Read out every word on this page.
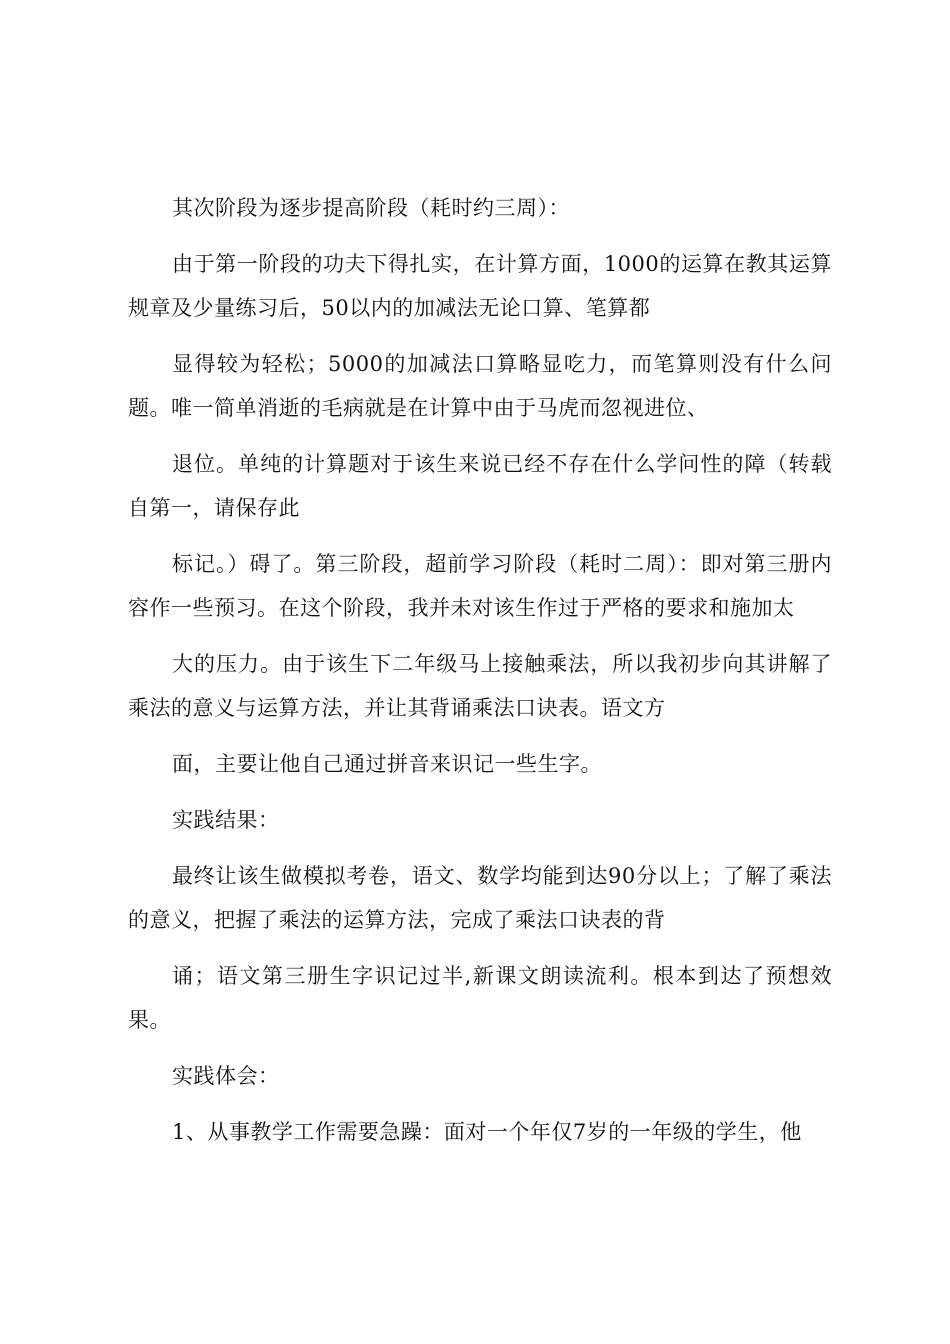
其次阶段为逐步提高阶段（耗时约三周）：

由于第一阶段的功夫下得扎实，在计算方面，1000的运算在教其运算规章及少量练习后，50以内的加减法无论口算、笔算都

显得较为轻松；5000的加减法口算略显吃力，而笔算则没有什么问题。唯一简单消逝的毛病就是在计算中由于马虎而忽视进位、

退位。单纯的计算题对于该生来说已经不存在什么学问性的障（转载自第一，请保存此

标记。）碍了。第三阶段，超前学习阶段（耗时二周）：即对第三册内容作一些预习。在这个阶段，我并未对该生作过于严格的要求和施加太

大的压力。由于该生下二年级马上接触乘法，所以我初步向其讲解了乘法的意义与运算方法，并让其背诵乘法口诀表。语文方

面，主要让他自己通过拼音来识记一些生字。

实践结果：

最终让该生做模拟考卷，语文、数学均能到达90分以上；了解了乘法的意义，把握了乘法的运算方法，完成了乘法口诀表的背

诵；语文第三册生字识记过半,新课文朗读流利。根本到达了预想效果。

实践体会：

1、从事教学工作需要急躁：面对一个年仅7岁的一年级的学生，他
